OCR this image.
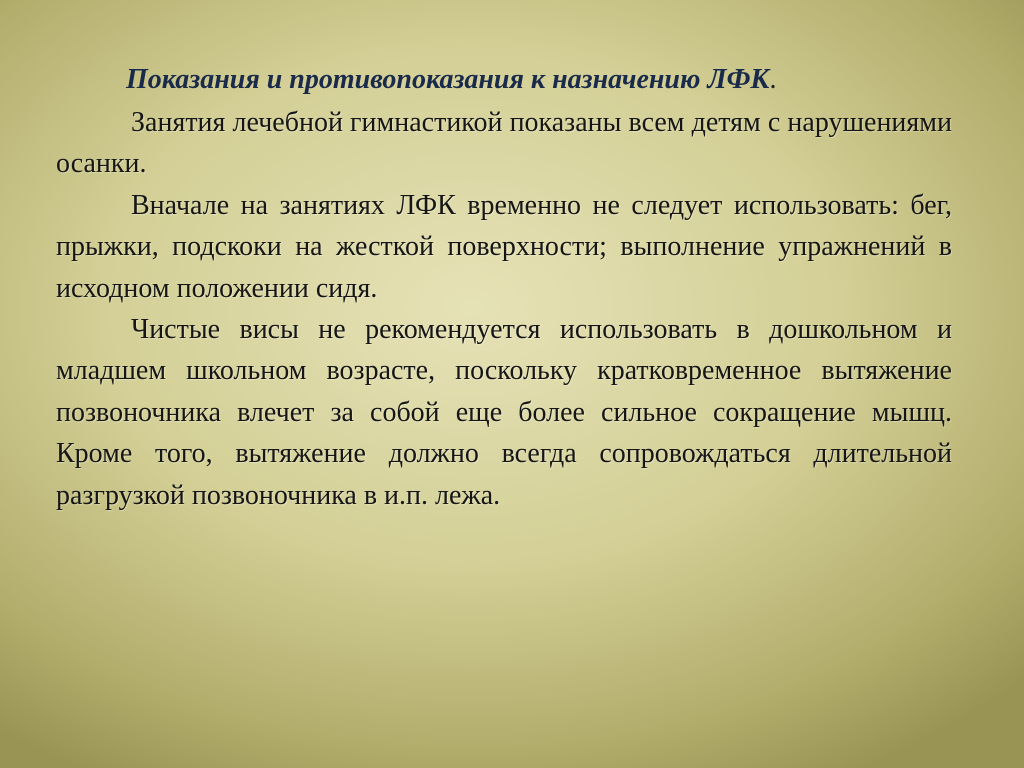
Показания и противопоказания к назначению ЛФК.

Занятия лечебной гимнастикой показаны всем детям с нарушениями осанки.

Вначале на занятиях ЛФК временно не следует использовать: бег, прыжки, подскоки на жесткой поверхности; выполнение упражнений в исходном положении сидя.

Чистые висы не рекомендуется использовать в дошкольном и младшем школьном возрасте, поскольку кратковременное вытяжение позвоночника влечет за собой еще более сильное сокращение мышц. Кроме того, вытяжение должно всегда сопровождаться длительной разгрузкой позвоночника в и.п. лежа.
